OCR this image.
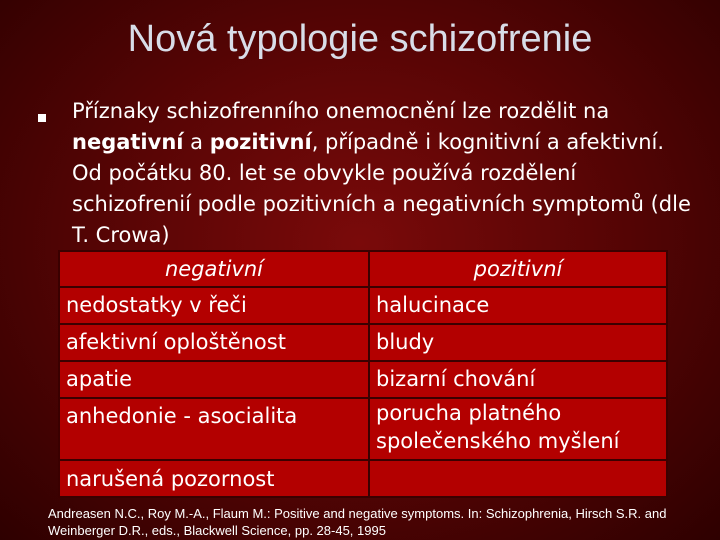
Nová typologie schizofrenie
Příznaky schizofrenního onemocnění lze rozdělit na negativní a pozitivní, případně i kognitivní a afektivní. Od počátku 80. let se obvykle používá rozdělení schizofrenií podle pozitivních a negativních symptomů (dle T. Crowa)
negativní	pozitivní
nedostatky v řeči	halucinace
afektivní oploštěnost	bludy
apatie	bizarní chování
anhedonie - asocialita	porucha platného společenského myšlení
narušená pozornost	
Andreasen N.C., Roy M.-A., Flaum M.: Positive and negative symptoms. In: Schizophrenia, Hirsch S.R. and Weinberger D.R., eds., Blackwell Science, pp. 28-45, 1995
